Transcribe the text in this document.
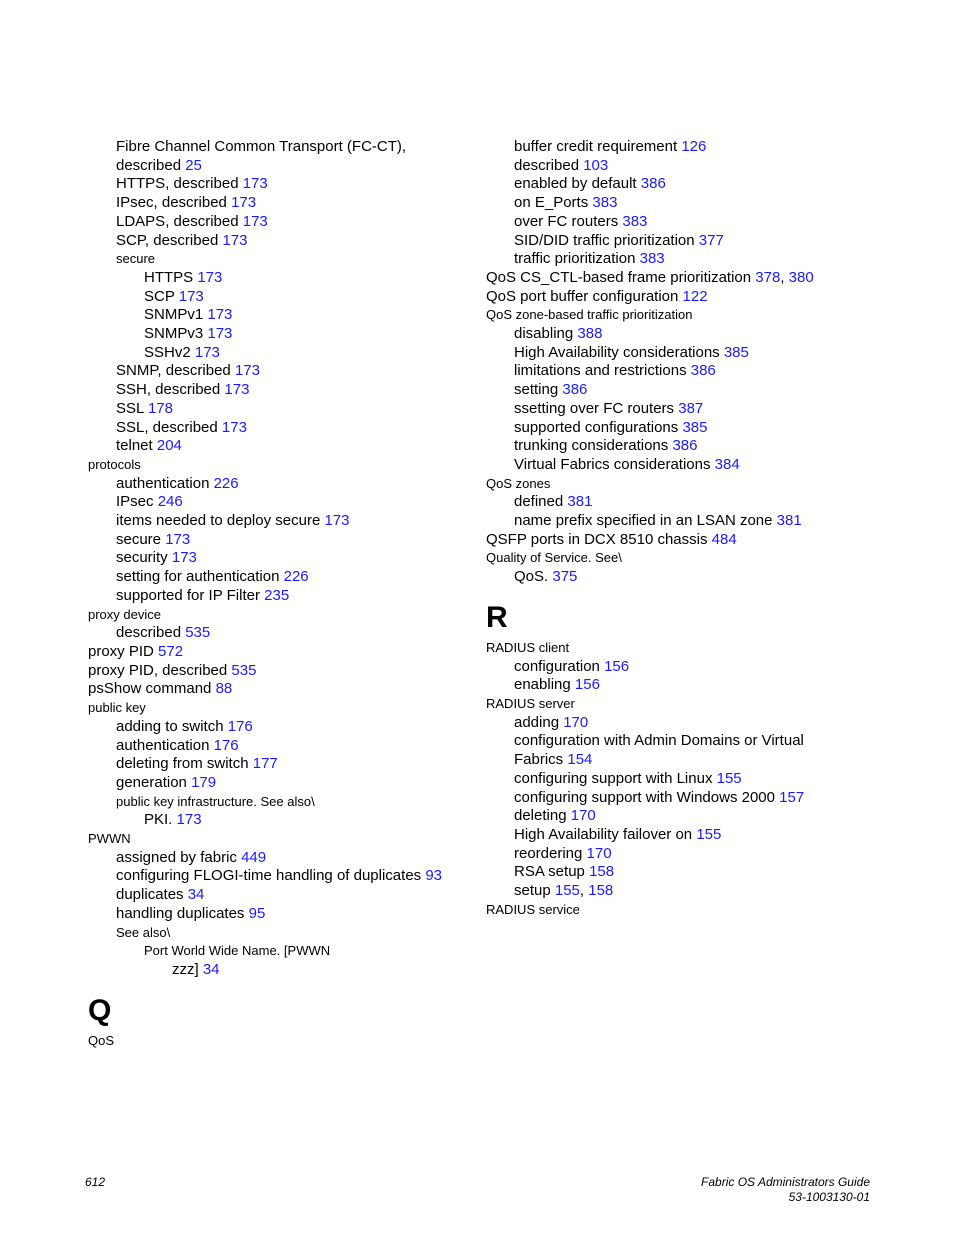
Fibre Channel Common Transport (FC-CT),
described 25
HTTPS, described 173
IPsec, described 173
LDAPS, described 173
SCP, described 173
secure
HTTPS 173
SCP 173
SNMPv1 173
SNMPv3 173
SSHv2 173
SNMP, described 173
SSH, described 173
SSL 178
SSL, described 173
telnet 204
protocols
authentication 226
IPsec 246
items needed to deploy secure 173
secure 173
security 173
setting for authentication 226
supported for IP Filter 235
proxy device
described 535
proxy PID 572
proxy PID, described 535
psShow command 88
public key
adding to switch 176
authentication 176
deleting from switch 177
generation 179
public key infrastructure. See also\
PKI. 173
PWWN
assigned by fabric 449
configuring FLOGI-time handling of duplicates 93
duplicates 34
handling duplicates 95
See also\
Port World Wide Name. [PWWN
zzz] 34
Q
QoS
buffer credit requirement 126
described 103
enabled by default 386
on E_Ports 383
over FC routers 383
SID/DID traffic prioritization 377
traffic prioritization 383
QoS CS_CTL-based frame prioritization 378, 380
QoS port buffer configuration 122
QoS zone-based traffic prioritization
disabling 388
High Availability considerations 385
limitations and restrictions 386
setting 386
ssetting over FC routers 387
supported configurations 385
trunking considerations 386
Virtual Fabrics considerations 384
QoS zones
defined 381
name prefix specified in an LSAN zone 381
QSFP ports in DCX 8510 chassis 484
Quality of Service. See\
QoS. 375
R
RADIUS client
configuration 156
enabling 156
RADIUS server
adding 170
configuration with Admin Domains or Virtual
Fabrics 154
configuring support with Linux 155
configuring support with Windows 2000 157
deleting 170
High Availability failover on 155
reordering 170
RSA setup 158
setup 155, 158
RADIUS service
612	Fabric OS Administrators Guide
53-1003130-01
